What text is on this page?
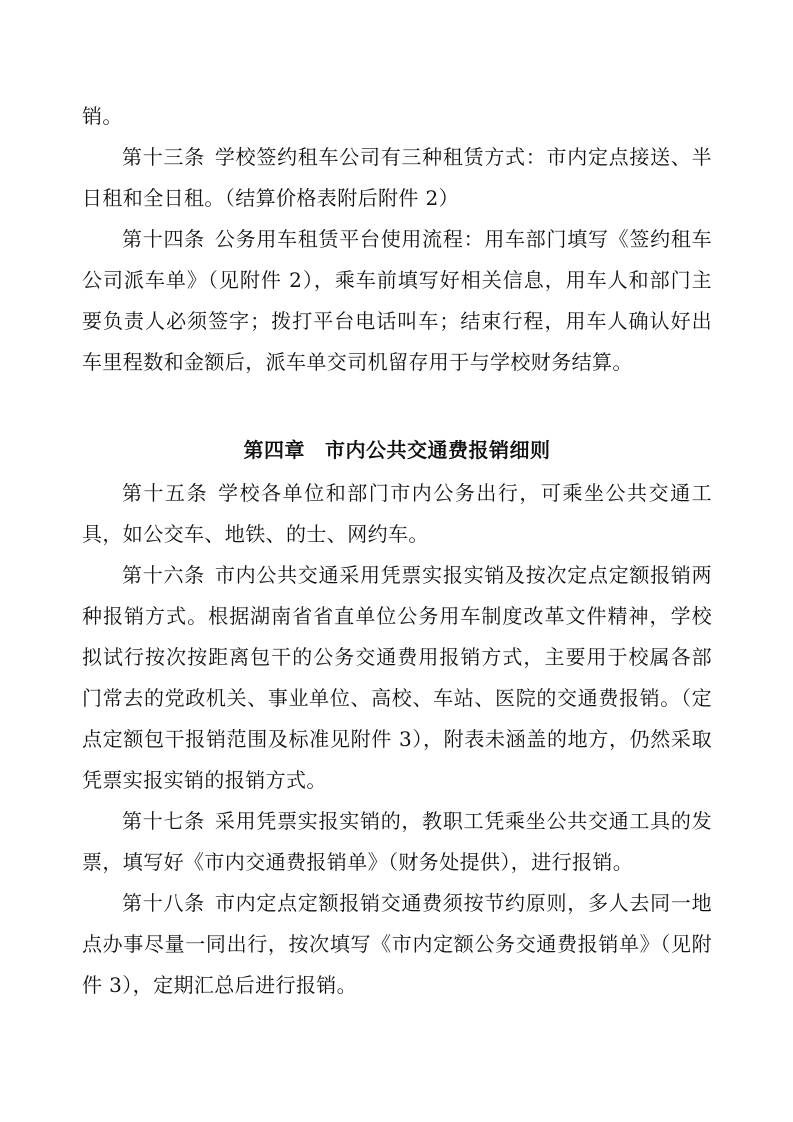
销。

第十三条 学校签约租车公司有三种租赁方式：市内定点接送、半日租和全日租。（结算价格表附后附件 2）

第十四条 公务用车租赁平台使用流程：用车部门填写《签约租车公司派车单》（见附件 2），乘车前填写好相关信息，用车人和部门主要负责人必须签字；拨打平台电话叫车；结束行程，用车人确认好出车里程数和金额后，派车单交司机留存用于与学校财务结算。

第四章 市内公共交通费报销细则

第十五条 学校各单位和部门市内公务出行，可乘坐公共交通工具，如公交车、地铁、的士、网约车。

第十六条 市内公共交通采用凭票实报实销及按次定点定额报销两种报销方式。根据湖南省省直单位公务用车制度改革文件精神，学校拟试行按次按距离包干的公务交通费用报销方式，主要用于校属各部门常去的党政机关、事业单位、高校、车站、医院的交通费报销。（定点定额包干报销范围及标准见附件 3），附表未涵盖的地方，仍然采取凭票实报实销的报销方式。

第十七条 采用凭票实报实销的，教职工凭乘坐公共交通工具的发票，填写好《市内交通费报销单》（财务处提供），进行报销。

第十八条 市内定点定额报销交通费须按节约原则，多人去同一地点办事尽量一同出行，按次填写《市内定额公务交通费报销单》（见附件 3），定期汇总后进行报销。
